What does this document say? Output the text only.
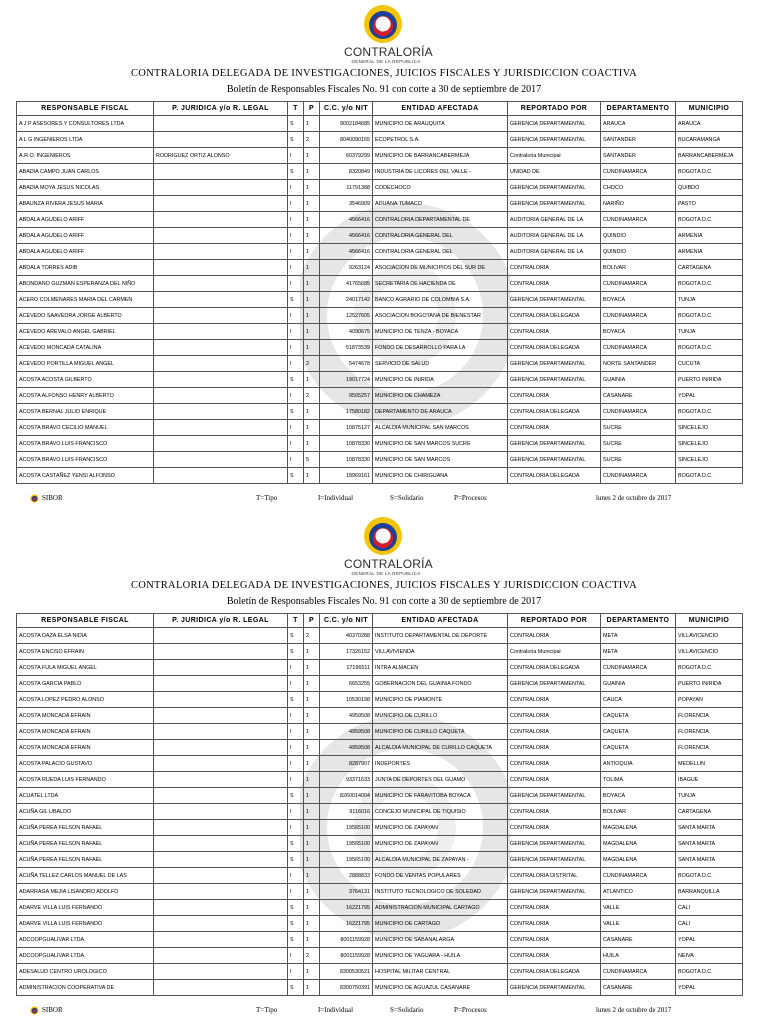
CONTRALORÍA
GENERAL DE LA REPUBLICA
CONTRALORIA DELEGADA DE INVESTIGACIONES, JUICIOS FISCALES Y JURISDICCION COACTIVA
Boletín de Responsables Fiscales No. 91 con corte a 30 de septiembre de 2017
RESPONSABLE FISCAL	P. JURIDICA y/o R. LEGAL	T	P	C.C. y/o NIT	ENTIDAD AFECTADA	REPORTADO POR	DEPARTAMENTO	MUNICIPIO
A J P ASESORES Y CONSULTORES LTDA		S	1	9002184685	MUNICIPIO DE ARAUQUITA	GERENCIA DEPARTAMENTAL	ARAUCA	ARAUCA
A L G INGENIEROS LTDA		S	2	8040090165	ECOPETROL S.A.	GERENCIA DEPARTAMENTAL	SANTANDER	BUCARAMANGA
A.R.O. INGENIEROS	RODRIGUEZ ORTIZ ALONSO	I	1	60379299	MUNICIPIO DE BARRANCABERMEJA	Contraloria Municipal	SANTANDER	BARRANCABERMEJA
ABADIA CAMPO JUAN CARLOS		S	1	8320849	INDUSTRIA DE LICORES DEL VALLE -	UNIDAD DE	CUNDINAMARCA	BOGOTA D.C.
ABADIA MOYA JESUS NICOLAS		I	1	11791388	CODECHOCO	GERENCIA DEPARTAMENTAL	CHOCO	QUIBDO
ABAUNZA RIVERA JESUS MARIA		I	1	3546909	ADUANA TUMACO	GERENCIA DEPARTAMENTAL	NARIÑO	PASTO
ABDALA AGUDELO ARIFF		I	1	4566416	CONTRALORIA DEPARTAMENTAL DE	AUDITORIA GENERAL DE LA	CUNDINAMARCA	BOGOTA D.C.
ABDALA AGUDELO ARIFF		I	1	4566416	CONTRALORIA GENERAL DEL	AUDITORIA GENERAL DE LA	QUINDIO	ARMENIA
ABDALA AGUDELO ARIFF		I	1	4566416	CONTRALORIA GENERAL DEL	AUDITORIA GENERAL DE LA	QUINDIO	ARMENIA
ABDALA TORRES ADIB		I	1	9263124	ASOCIACION DE MUNICIPIOS DEL SUR DE	CONTRALORIA	BOLIVAR	CARTAGENA
ABONDANO GUZMAN ESPERANZA DEL NIÑO		I	1	41765685	SECRETARIA DE HACIENDA DE	CONTRALORIA	CUNDINAMARCA	BOGOTA D.C.
ACERO COLMENARES MARIA DEL CARMEN		S	1	24017142	BANCO AGRARIO DE COLOMBIA S.A.	GERENCIA DEPARTAMENTAL	BOYACA	TUNJA
ACEVEDO SAAVEDRA JORGE ALBERTO		I	1	12527605	ASOCIACION BOGOTANA DE BIENESTAR	CONTRALORIA DELEGADA	CUNDINAMARCA	BOGOTA D.C.
ACEVEDO AREVALO ANGEL GABRIEL		I	1	4090675	MUNICIPIO DE TENZA - BOYACA	CONTRALORIA	BOYACA	TUNJA
ACEVEDO MONCADA CATALINA		I	1	51873539	FONDO DE DESARROLLO PARA LA	CONTRALORIA DELEGADA	CUNDINAMARCA	BOGOTA D.C.
ACEVEDO PORTILLA MIGUEL ANGEL		I	2	5474678	SERVICIO DE SALUD	GERENCIA DEPARTAMENTAL	NORTE SANTANDER	CUCUTA
ACOSTA ACOSTA GILBERTO		S	1	19017724	MUNICIPIO DE INIRIDA	GERENCIA DEPARTAMENTAL	GUAINIA	PUERTO INIRIDA
ACOSTA ALFONSO HENRY ALBERTO		I	2	9505257	MUNICIPIO DE CHAMEZA	CONTRALORIA	CASANARE	YOPAL
ACOSTA BERNAL JULIO ENRIQUE		S	1	17580182	DEPARTAMENTO DE ARAUCA	CONTRALORIA DELEGADA	CUNDINAMARCA	BOGOTA D.C.
ACOSTA BRAVO CECILIO MANUEL		I	1	10875127	ALCALDIA MUNICIPAL SAN MARCOS	CONTRALORIA	SUCRE	SINCELEJO
ACOSTA BRAVO LUIS FRANCISCO		I	1	10878330	MUNICIPIO DE SAN MARCOS SUCRE	GERENCIA DEPARTAMENTAL	SUCRE	SINCELEJO
ACOSTA BRAVO LUIS FRANCISCO		I	5	10878330	MUNICIPIO DE SAN MARCOS	GERENCIA DEPARTAMENTAL	SUCRE	SINCELEJO
ACOSTA CASTAÑEZ YENSI ALFONSO		S	1	18969161	MUNICIPIO DE CHIRIGUANA	CONTRALORIA DELEGADA	CUNDINAMARCA	BOGOTA D.C.
SIBOR	T=Tipo	I=Individual	S=Solidario	P=Procesos	lunes 2 de octubre de 2017
CONTRALORÍA
GENERAL DE LA REPUBLICA
CONTRALORIA DELEGADA DE INVESTIGACIONES, JUICIOS FISCALES Y JURISDICCION COACTIVA
Boletín de Responsables Fiscales No. 91 con corte a 30 de septiembre de 2017
RESPONSABLE FISCAL	P. JURIDICA y/o R. LEGAL	T	P	C.C. y/o NIT	ENTIDAD AFECTADA	REPORTADO POR	DEPARTAMENTO	MUNICIPIO
ACOSTA DAZA ELSA NIDIA		S	2	40370288	INSTITUTO DEPARTAMENTAL DE DEPORTE	CONTRALORIA	META	VILLAVICENCIO
ACOSTA ENCISO EFRAIN		S	1	17326152	VILLAVIVIENDA	Contraloria Municipal	META	VILLAVICENCIO
ACOSTA FULA MIGUEL ANGEL		I	1	17196511	INTRA ALMACEN	CONTRALORIA DELEGADA	CUNDINAMARCA	BOGOTA D.C.
ACOSTA GARCIA PABLO		I	1	6653255	GOBERNACION DEL GUAINIA FONDO	GERENCIA DEPARTAMENTAL	GUAINIA	PUERTO INIRIDA
ACOSTA LOPEZ PEDRO ALONSO		S	1	10530198	MUNICIPIO DE PIAMONTE	CONTRALORIA	CAUCA	POPAYAN
ACOSTA MONCADA EFRAIN		I	1	4959508	MUNICIPIO DE CURILLO	CONTRALORIA	CAQUETA	FLORENCIA
ACOSTA MONCADA EFRAIN		I	1	4959508	MUNICIPIO DE CURILLO CAQUETA	CONTRALORIA	CAQUETA	FLORENCIA
ACOSTA MONCADA EFRAIN		I	1	4959508	ALCALDIA MUNICIPAL DE CURILLO CAQUETA	CONTRALORIA	CAQUETA	FLORENCIA
ACOSTA PALACIO GUSTAVO		I	1	8287907	INDEPORTES	CONTRALORIA	ANTIOQUIA	MEDELLIN
ACOSTA RUEDA LUIS FERNANDO		I	1	93371633	JUNTA DE DEPORTES DEL GUAMO	CONTRALORIA	TOLIMA	IBAGUE
ACUATEL LTDA		S	1	8260014004	MUNICIPIO DE FARAVITOBA BOYACA	GERENCIA DEPARTAMENTAL	BOYACA	TUNJA
ACUÑA GIL UBALDO		I	1	9116016	CONCEJO MUNICIPAL DE TIQUISIO	CONTRALORIA	BOLIVAR	CARTAGENA
ACUÑA PEREA FELSON RAFAEL		I	1	19565100	MUNICIPIO DE ZAPAYAN	CONTRALORIA	MAGDALENA	SANTA MARTA
ACUÑA PEREA FELSON RAFAEL		S	1	19565100	MUNICIPIO DE ZAPAYAN	GERENCIA DEPARTAMENTAL	MAGDALENA	SANTA MARTA
ACUÑA PEREA FELSON RAFAEL		S	1	19565100	ALCALDIA MUNICIPAL DE ZAPAYAN -	GERENCIA DEPARTAMENTAL	MAGDALENA	SANTA MARTA
ACUÑA TELLEZ CARLOS MANUEL DE LAS		I	1	2888833	FONDO DE VENTAS POPULARES	CONTRALORIA DISTRITAL	CUNDINAMARCA	BOGOTA D.C.
ADARRAGA MEJIA LISANDRO ADOLFO		I	1	3764131	INSTITUTO TECNOLOGICO DE SOLEDAD	GERENCIA DEPARTAMENTAL	ATLANTICO	BARRANQUILLA
ADARVE VILLA LUIS FERNANDO		S	1	16221795	ADMINISTRACION MUNICIPAL CARTAGO	CONTRALORIA	VALLE	CALI
ADARVE VILLA LUIS FERNANDO		S	1	16221795	MUNICIPIO DE CARTAGO	CONTRALORIA	VALLE	CALI
ADCOOPGUALIVAR LTDA.		S	1	8001159928	MUNICIPIO DE SABANALARGA	CONTRALORIA	CASANARE	YOPAL
ADCOOPGUALIVAR LTDA.		I	2	8001159928	MUNICIPIO DE YAGUARA - HUILA	CONTRALORIA	HUILA	NEIVA
ADESALUD CENTRO UROLOGICO		I	1	8300530521	HOSPITAL MILITAR CENTRAL	CONTRALORIA DELEGADA	CUNDINAMARCA	BOGOTA D.C.
ADMINISTRACION COOPERATIVA DE		S	1	8300750391	MUNICIPIO DE AGUAZUL CASANARE	GERENCIA DEPARTAMENTAL	CASANARE	YOPAL
SIBOR	T=Tipo	I=Individual	S=Solidario	P=Procesos	lunes 2 de octubre de 2017
